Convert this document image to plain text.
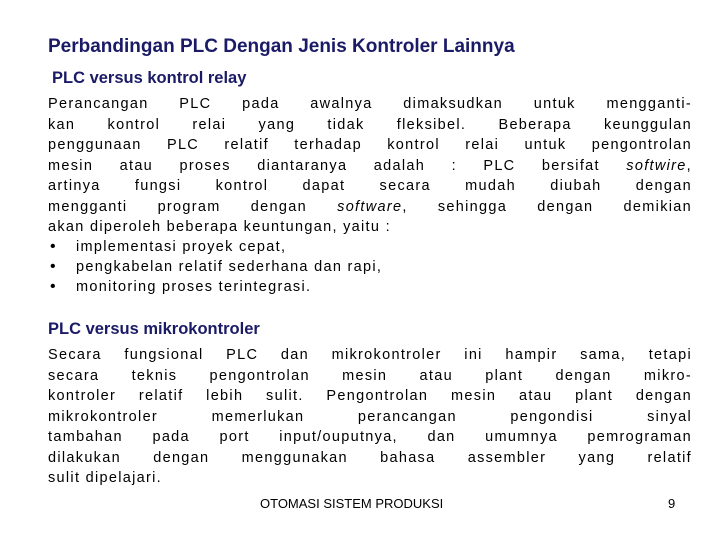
Perbandingan PLC Dengan Jenis Kontroler Lainnya
PLC versus kontrol relay
Perancangan PLC pada awalnya dimaksudkan untuk mengganti-
kan kontrol relai yang tidak fleksibel. Beberapa keunggulan
penggunaan PLC relatif terhadap kontrol relai untuk pengontrolan
mesin atau proses diantaranya adalah : PLC bersifat softwire,
artinya fungsi kontrol dapat secara mudah diubah dengan
mengganti program dengan software, sehingga dengan demikian
akan diperoleh beberapa keuntungan, yaitu :
• implementasi proyek cepat,
• pengkabelan relatif sederhana dan rapi,
• monitoring proses terintegrasi.
PLC versus mikrokontroler
Secara fungsional PLC dan mikrokontroler ini hampir sama, tetapi
secara teknis pengontrolan mesin atau plant dengan mikro-
kontroler relatif lebih sulit. Pengontrolan mesin atau plant dengan
mikrokontroler memerlukan perancangan pengondisi sinyal
tambahan pada port input/ouputnya, dan umumnya pemrograman
dilakukan dengan menggunakan bahasa assembler yang relatif
sulit dipelajari.
OTOMASI SISTEM PRODUKSI	9
